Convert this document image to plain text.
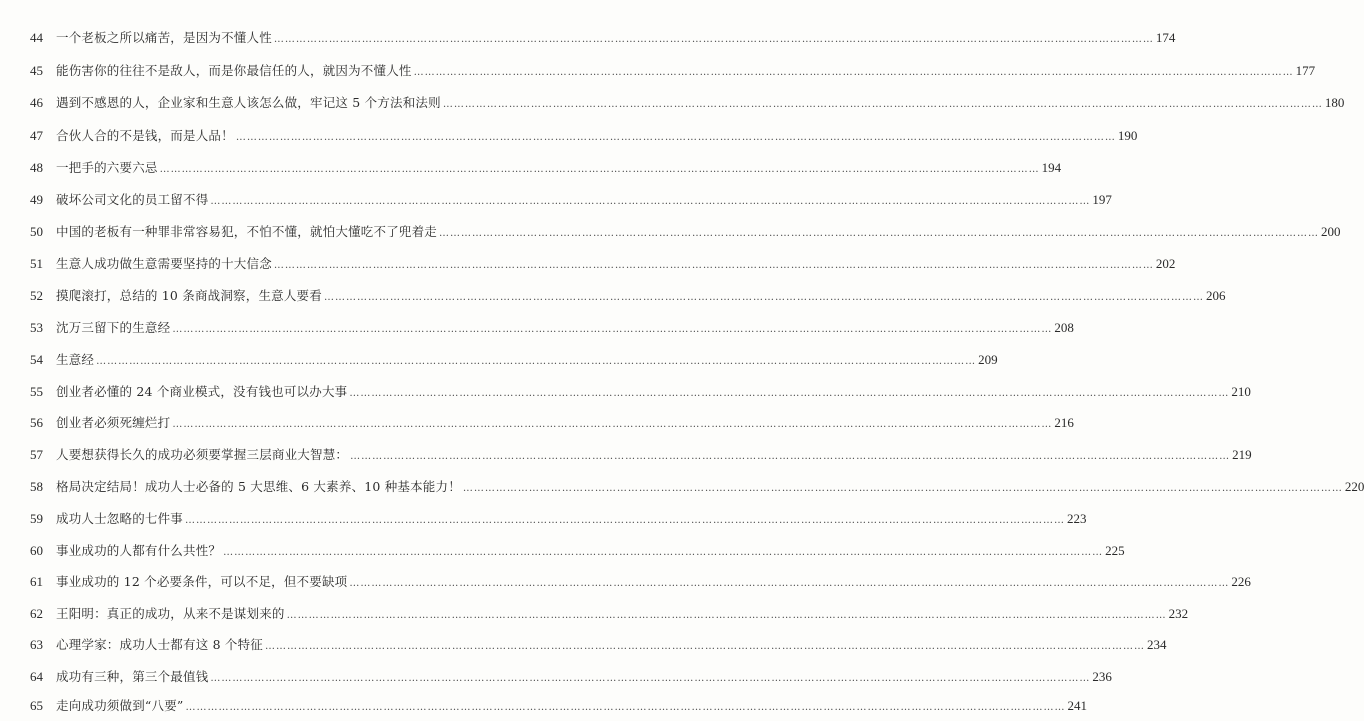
44	一个老板之所以痛苦，是因为不懂人性 ……………………………………………………………………………………………………………………………………………………………………………………………………………………	174
45	能伤害你的往往不是敌人，而是你最信任的人，就因为不懂人性 ……………………………………………………………………………………………………………………………………………………………………………………………………………………	177
46	遇到不感恩的人，企业家和生意人该怎么做，牢记这 5 个方法和法则 ……………………………………………………………………………………………………………………………………………………………………………………………………………………	180
47	合伙人合的不是钱，而是人品！ ……………………………………………………………………………………………………………………………………………………………………………………………………………………	190
48	一把手的六要六忌 ……………………………………………………………………………………………………………………………………………………………………………………………………………………	194
49	破坏公司文化的员工留不得 ……………………………………………………………………………………………………………………………………………………………………………………………………………………	197
50	中国的老板有一种罪非常容易犯，不怕不懂，就怕大懂吃不了兜着走 ……………………………………………………………………………………………………………………………………………………………………………………………………………………	200
51	生意人成功做生意需要坚持的十大信念 ……………………………………………………………………………………………………………………………………………………………………………………………………………………	202
52	摸爬滚打，总结的 10 条商战洞察，生意人要看 ……………………………………………………………………………………………………………………………………………………………………………………………………………………	206
53	沈万三留下的生意经 ……………………………………………………………………………………………………………………………………………………………………………………………………………………	208
54	生意经 ……………………………………………………………………………………………………………………………………………………………………………………………………………………	209
55	创业者必懂的 24 个商业模式，没有钱也可以办大事 ……………………………………………………………………………………………………………………………………………………………………………………………………………………	210
56	创业者必须死缠烂打 ……………………………………………………………………………………………………………………………………………………………………………………………………………………	216
57	人要想获得长久的成功必须要掌握三层商业大智慧： ……………………………………………………………………………………………………………………………………………………………………………………………………………………	219
58	格局决定结局！成功人士必备的 5 大思维、6 大素养、10 种基本能力！ ……………………………………………………………………………………………………………………………………………………………………………………………………………………	220
59	成功人士忽略的七件事 ……………………………………………………………………………………………………………………………………………………………………………………………………………………	223
60	事业成功的人都有什么共性？ ……………………………………………………………………………………………………………………………………………………………………………………………………………………	225
61	事业成功的 12 个必要条件，可以不足，但不要缺项 ……………………………………………………………………………………………………………………………………………………………………………………………………………………	226
62	王阳明：真正的成功，从来不是谋划来的 ……………………………………………………………………………………………………………………………………………………………………………………………………………………	232
63	心理学家：成功人士都有这 8 个特征 ……………………………………………………………………………………………………………………………………………………………………………………………………………………	234
64	成功有三种，第三个最值钱 ……………………………………………………………………………………………………………………………………………………………………………………………………………………	236
65	走向成功须做到“八要” ……………………………………………………………………………………………………………………………………………………………………………………………………………………	241
